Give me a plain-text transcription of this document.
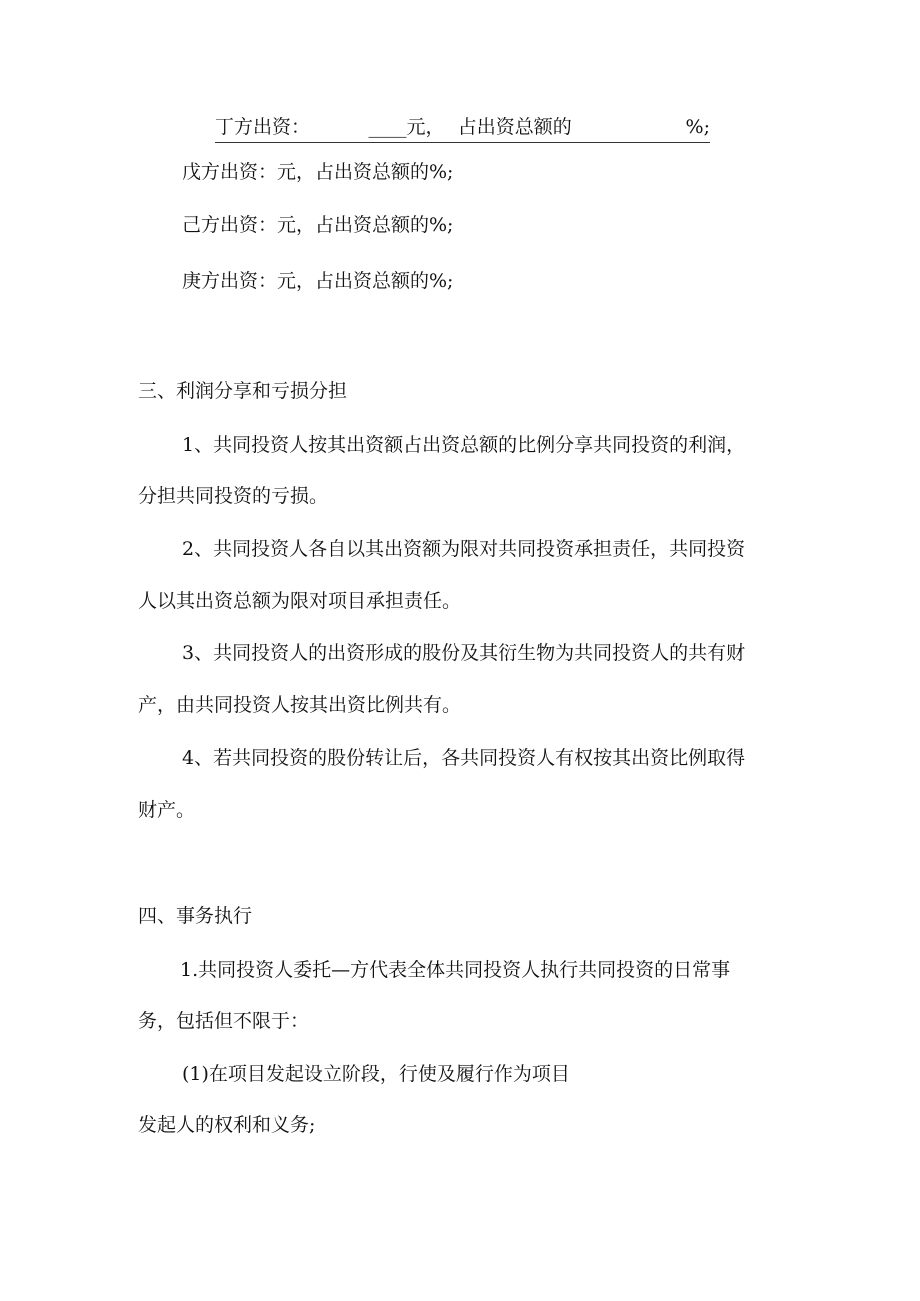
丁方出资：	____元， 占出资总额的	%;
戊方出资：元，占出资总额的%;
己方出资：元，占出资总额的%;
庚方出资：元，占出资总额的%;
三、利润分享和亏损分担
1、共同投资人按其出资额占出资总额的比例分享共同投资的利润，
分担共同投资的亏损。
2、共同投资人各自以其出资额为限对共同投资承担责任，共同投资
人以其出资总额为限对项目承担责任。
3、共同投资人的出资形成的股份及其衍生物为共同投资人的共有财
产，由共同投资人按其出资比例共有。
4、若共同投资的股份转让后，各共同投资人有权按其出资比例取得
财产。
四、事务执行
1.共同投资人委托—方代表全体共同投资人执行共同投资的日常事
务，包括但不限于：
(1)在项目发起设立阶段，行使及履行作为项目
发起人的权利和义务;
